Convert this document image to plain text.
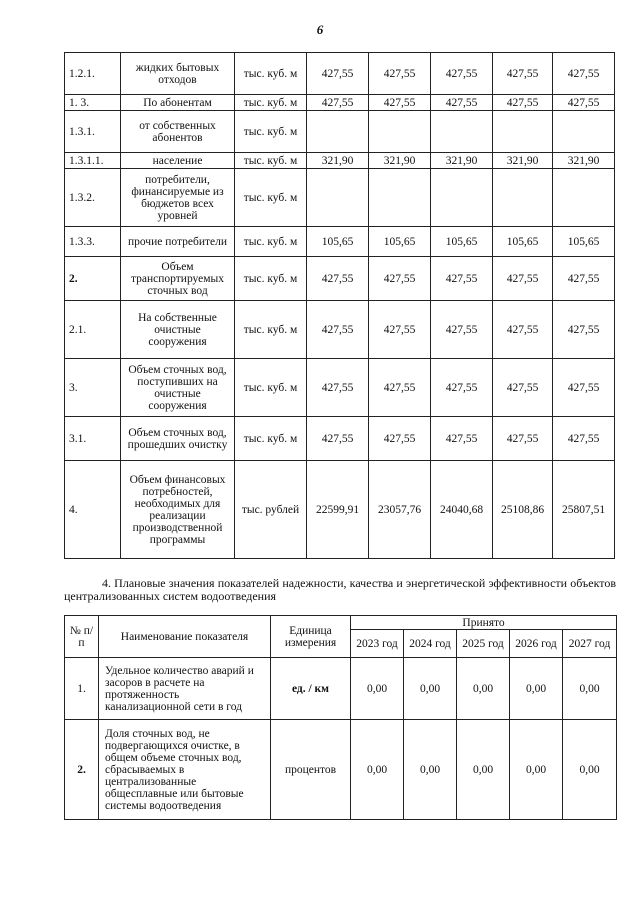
6
1.2.1.	жидких бытовых отходов	тыс. куб. м	427,55	427,55	427,55	427,55	427,55
1. 3.	По абонентам	тыс. куб. м	427,55	427,55	427,55	427,55	427,55
1.3.1.	от собственных абонентов	тыс. куб. м					
1.3.1.1.	население	тыс. куб. м	321,90	321,90	321,90	321,90	321,90
1.3.2.	потребители, финансируемые из бюджетов всех уровней	тыс. куб. м					
1.3.3.	прочие потребители	тыс. куб. м	105,65	105,65	105,65	105,65	105,65
2.	Объем транспортируемых сточных вод	тыс. куб. м	427,55	427,55	427,55	427,55	427,55
2.1.	На собственные очистные сооружения	тыс. куб. м	427,55	427,55	427,55	427,55	427,55
3.	Объем сточных вод, поступивших на очистные сооружения	тыс. куб. м	427,55	427,55	427,55	427,55	427,55
3.1.	Объем сточных вод, прошедших очистку	тыс. куб. м	427,55	427,55	427,55	427,55	427,55
4.	Объем финансовых потребностей, необходимых для реализации производственной программы	тыс. рублей	22599,91	23057,76	24040,68	25108,86	25807,51
4. Плановые значения показателей надежности, качества и энергетической эффективности объектов централизованных систем водоотведения
№ п/п	Наименование показателя	Единица измерения	Принято				
			2023 год	2024 год	2025 год	2026 год	2027 год
1.	Удельное количество аварий и засоров в расчете на протяженность канализационной сети в год	ед. / км	0,00	0,00	0,00	0,00	0,00
2.	Доля сточных вод, не подвергающихся очистке, в общем объеме сточных вод, сбрасываемых в централизованные общесплавные или бытовые системы водоотведения	процентов	0,00	0,00	0,00	0,00	0,00
